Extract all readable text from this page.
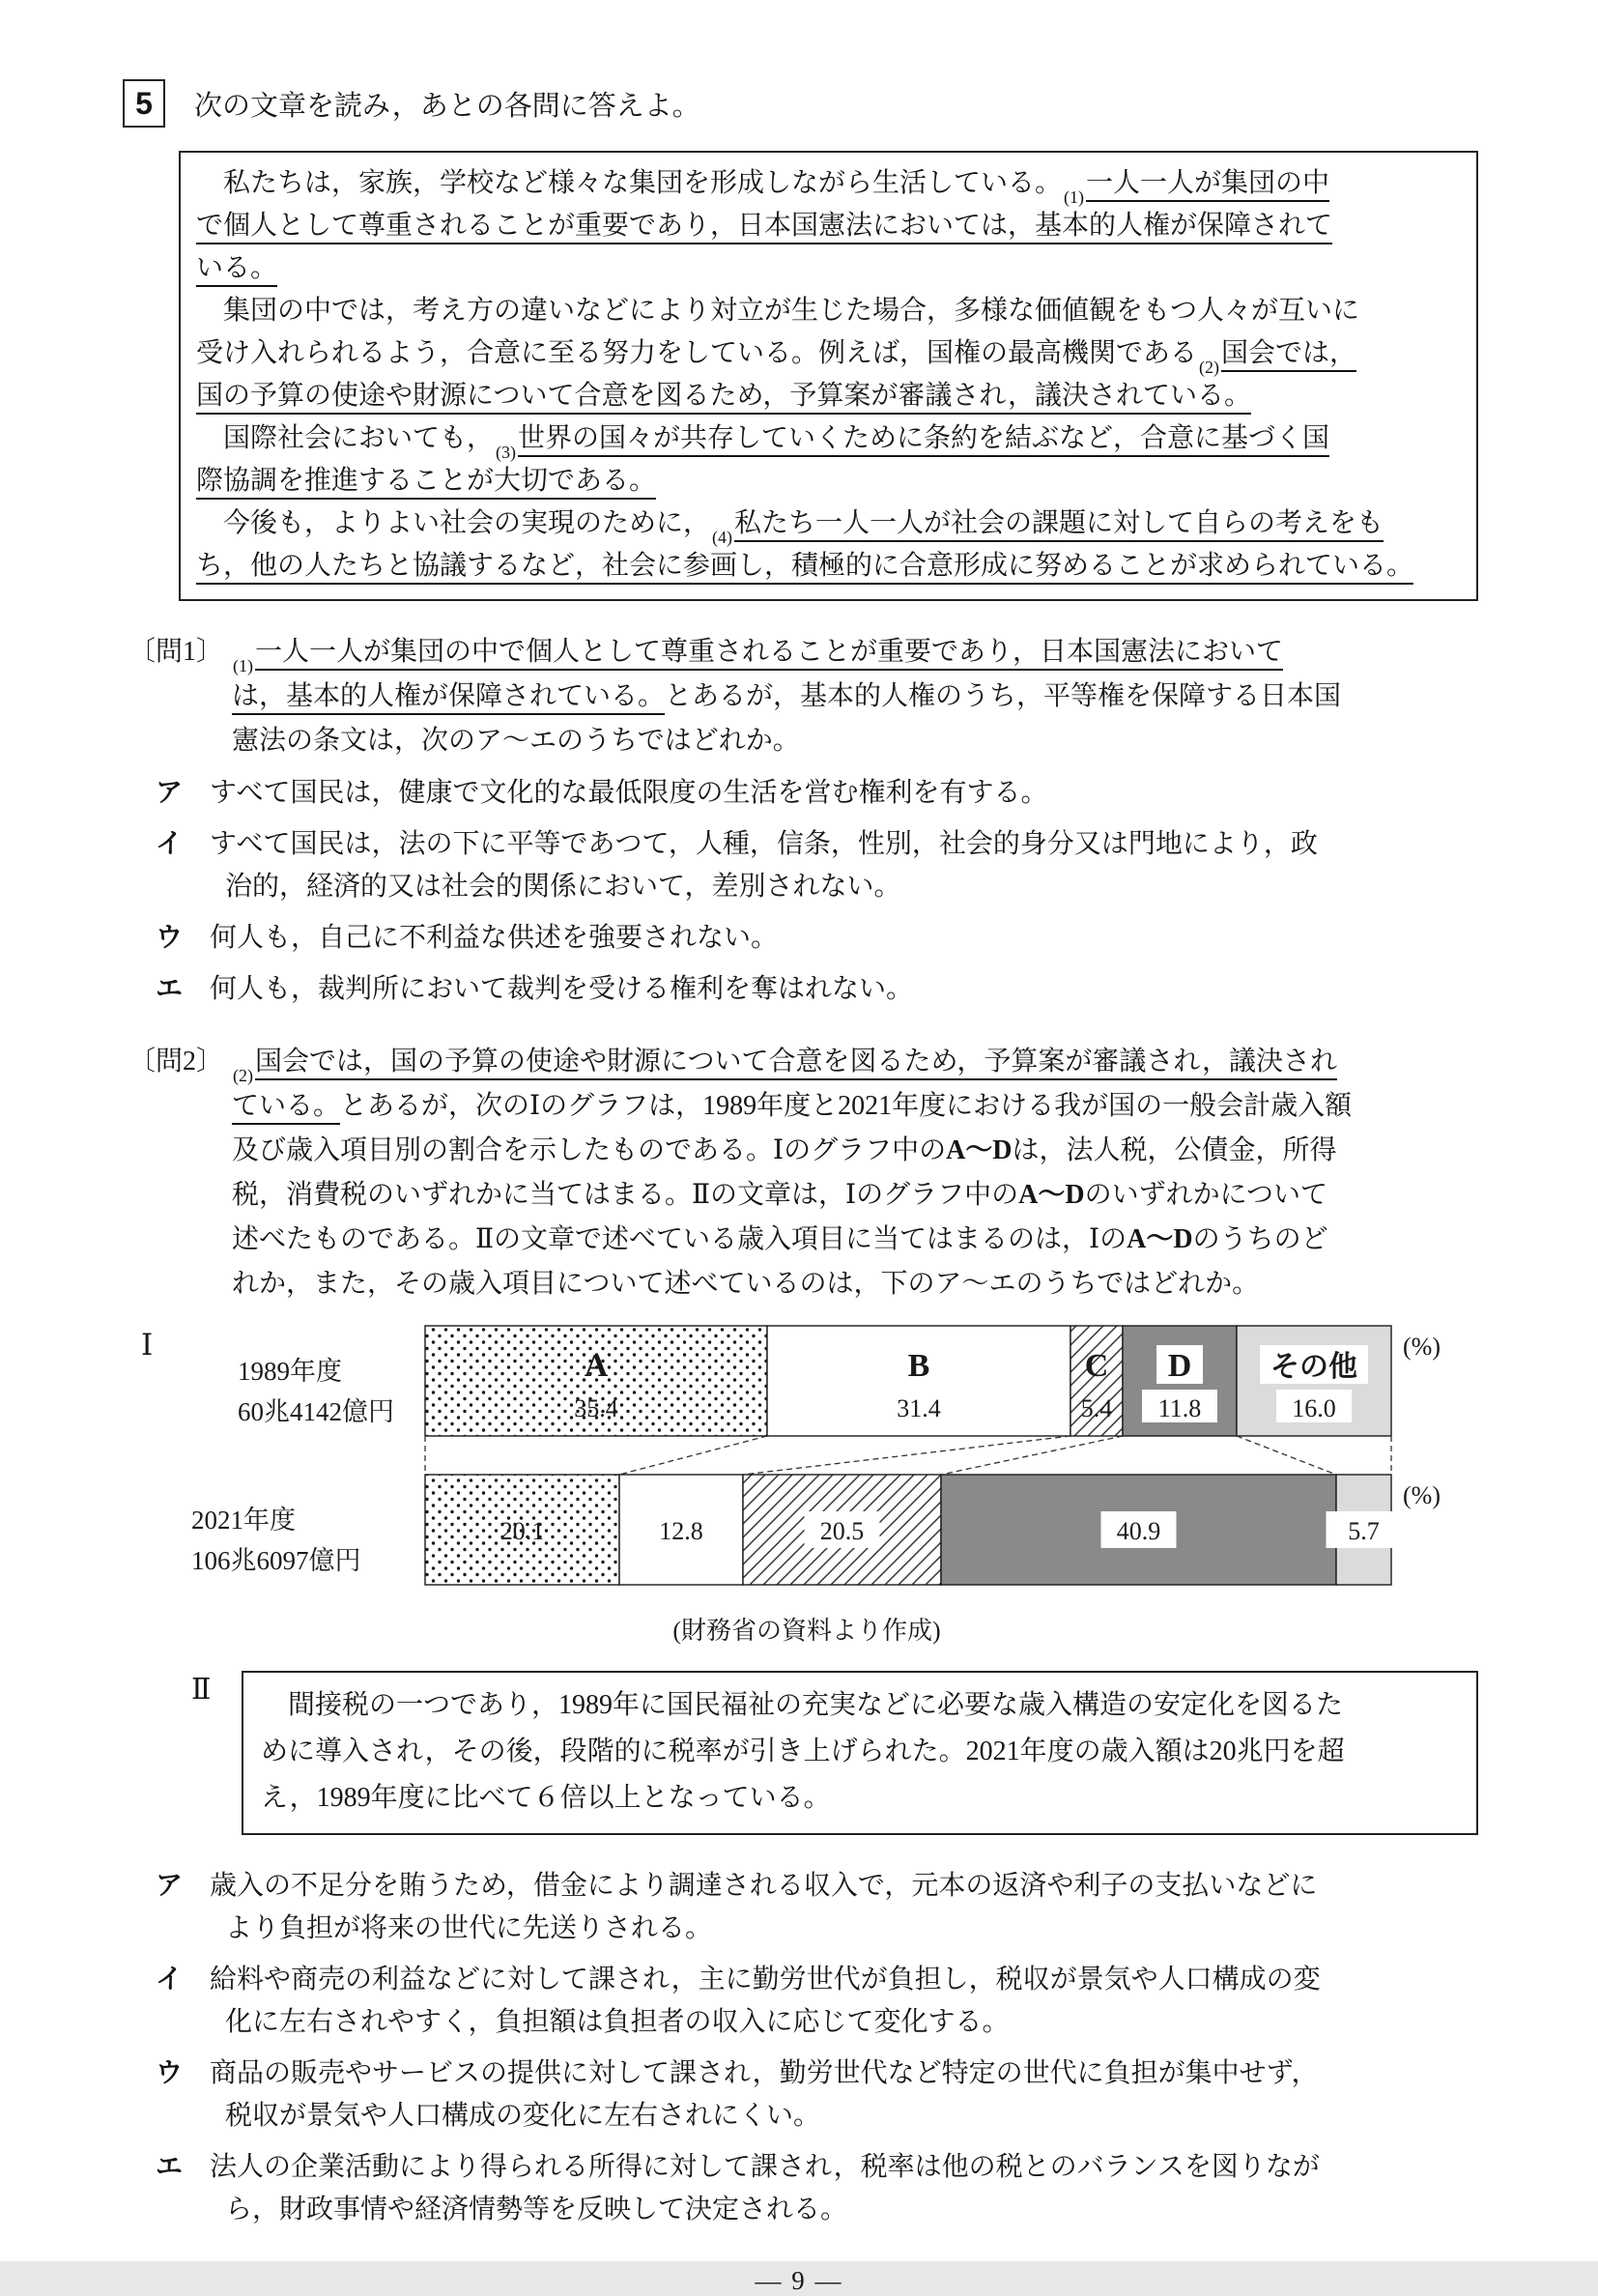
5	次の文章を読み，あとの各問に答えよ。
　私たちは，家族，学校など様々な集団を形成しながら生活している。 (1)一人一人が集団の中
で個人として尊重されることが重要であり，日本国憲法においては，基本的人権が保障されて
いる。
　集団の中では，考え方の違いなどにより対立が生じた場合，多様な価値観をもつ人々が互いに
受け入れられるよう，合意に至る努力をしている。例えば，国権の最高機関である (2)国会では，
国の予算の使途や財源について合意を図るため，予算案が審議され，議決されている。
　国際社会においても， (3)世界の国々が共存していくために条約を結ぶなど，合意に基づく国
際協調を推進することが大切である。
　今後も，よりよい社会の実現のために， (4)私たち一人一人が社会の課題に対して自らの考えをも
ち，他の人たちと協議するなど，社会に参画し，積極的に合意形成に努めることが求められている。
〔問1〕 (1)一人一人が集団の中で個人として尊重されることが重要であり，日本国憲法において
は，基本的人権が保障されている。とあるが，基本的人権のうち，平等権を保障する日本国
憲法の条文は，次のア〜エのうちではどれか。
ア すべて国民は，健康で文化的な最低限度の生活を営む権利を有する。
イ すべて国民は，法の下に平等であつて，人種，信条，性別，社会的身分又は門地により，政
治的，経済的又は社会的関係において，差別されない。
ウ 何人も，自己に不利益な供述を強要されない。
エ 何人も，裁判所において裁判を受ける権利を奪はれない。
〔問2〕 (2)国会では，国の予算の使途や財源について合意を図るため，予算案が審議され，議決され
ている。とあるが，次のⅠのグラフは，1989年度と2021年度における我が国の一般会計歳入額
及び歳入項目別の割合を示したものである。Ⅰのグラフ中のA〜Dは，法人税，公債金，所得
税，消費税のいずれかに当てはまる。Ⅱの文章は，Ⅰのグラフ中のA〜Dのいずれかについて
述べたものである。Ⅱの文章で述べている歳入項目に当てはまるのは，ⅠのA〜Dのうちのど
れか，また，その歳入項目について述べているのは，下のア〜エのうちではどれか。
Ⅰ
1989年度
60兆4142億円
(%)
A
35.4
B
31.4
C
5.4
D
11.8
その他
16.0
2021年度
106兆6097億円
(%)
20.1	12.8	20.5	40.9	5.7
(財務省の資料より作成)
Ⅱ 　間接税の一つであり，1989年に国民福祉の充実などに必要な歳入構造の安定化を図るた
めに導入され，その後，段階的に税率が引き上げられた。2021年度の歳入額は20兆円を超
え，1989年度に比べて６倍以上となっている。
ア 歳入の不足分を賄うため，借金により調達される収入で，元本の返済や利子の支払いなどに
より負担が将来の世代に先送りされる。
イ 給料や商売の利益などに対して課され，主に勤労世代が負担し，税収が景気や人口構成の変
化に左右されやすく，負担額は負担者の収入に応じて変化する。
ウ 商品の販売やサービスの提供に対して課され，勤労世代など特定の世代に負担が集中せず，
税収が景気や人口構成の変化に左右されにくい。
エ 法人の企業活動により得られる所得に対して課され，税率は他の税とのバランスを図りなが
ら，財政事情や経済情勢等を反映して決定される。
— 9 —
